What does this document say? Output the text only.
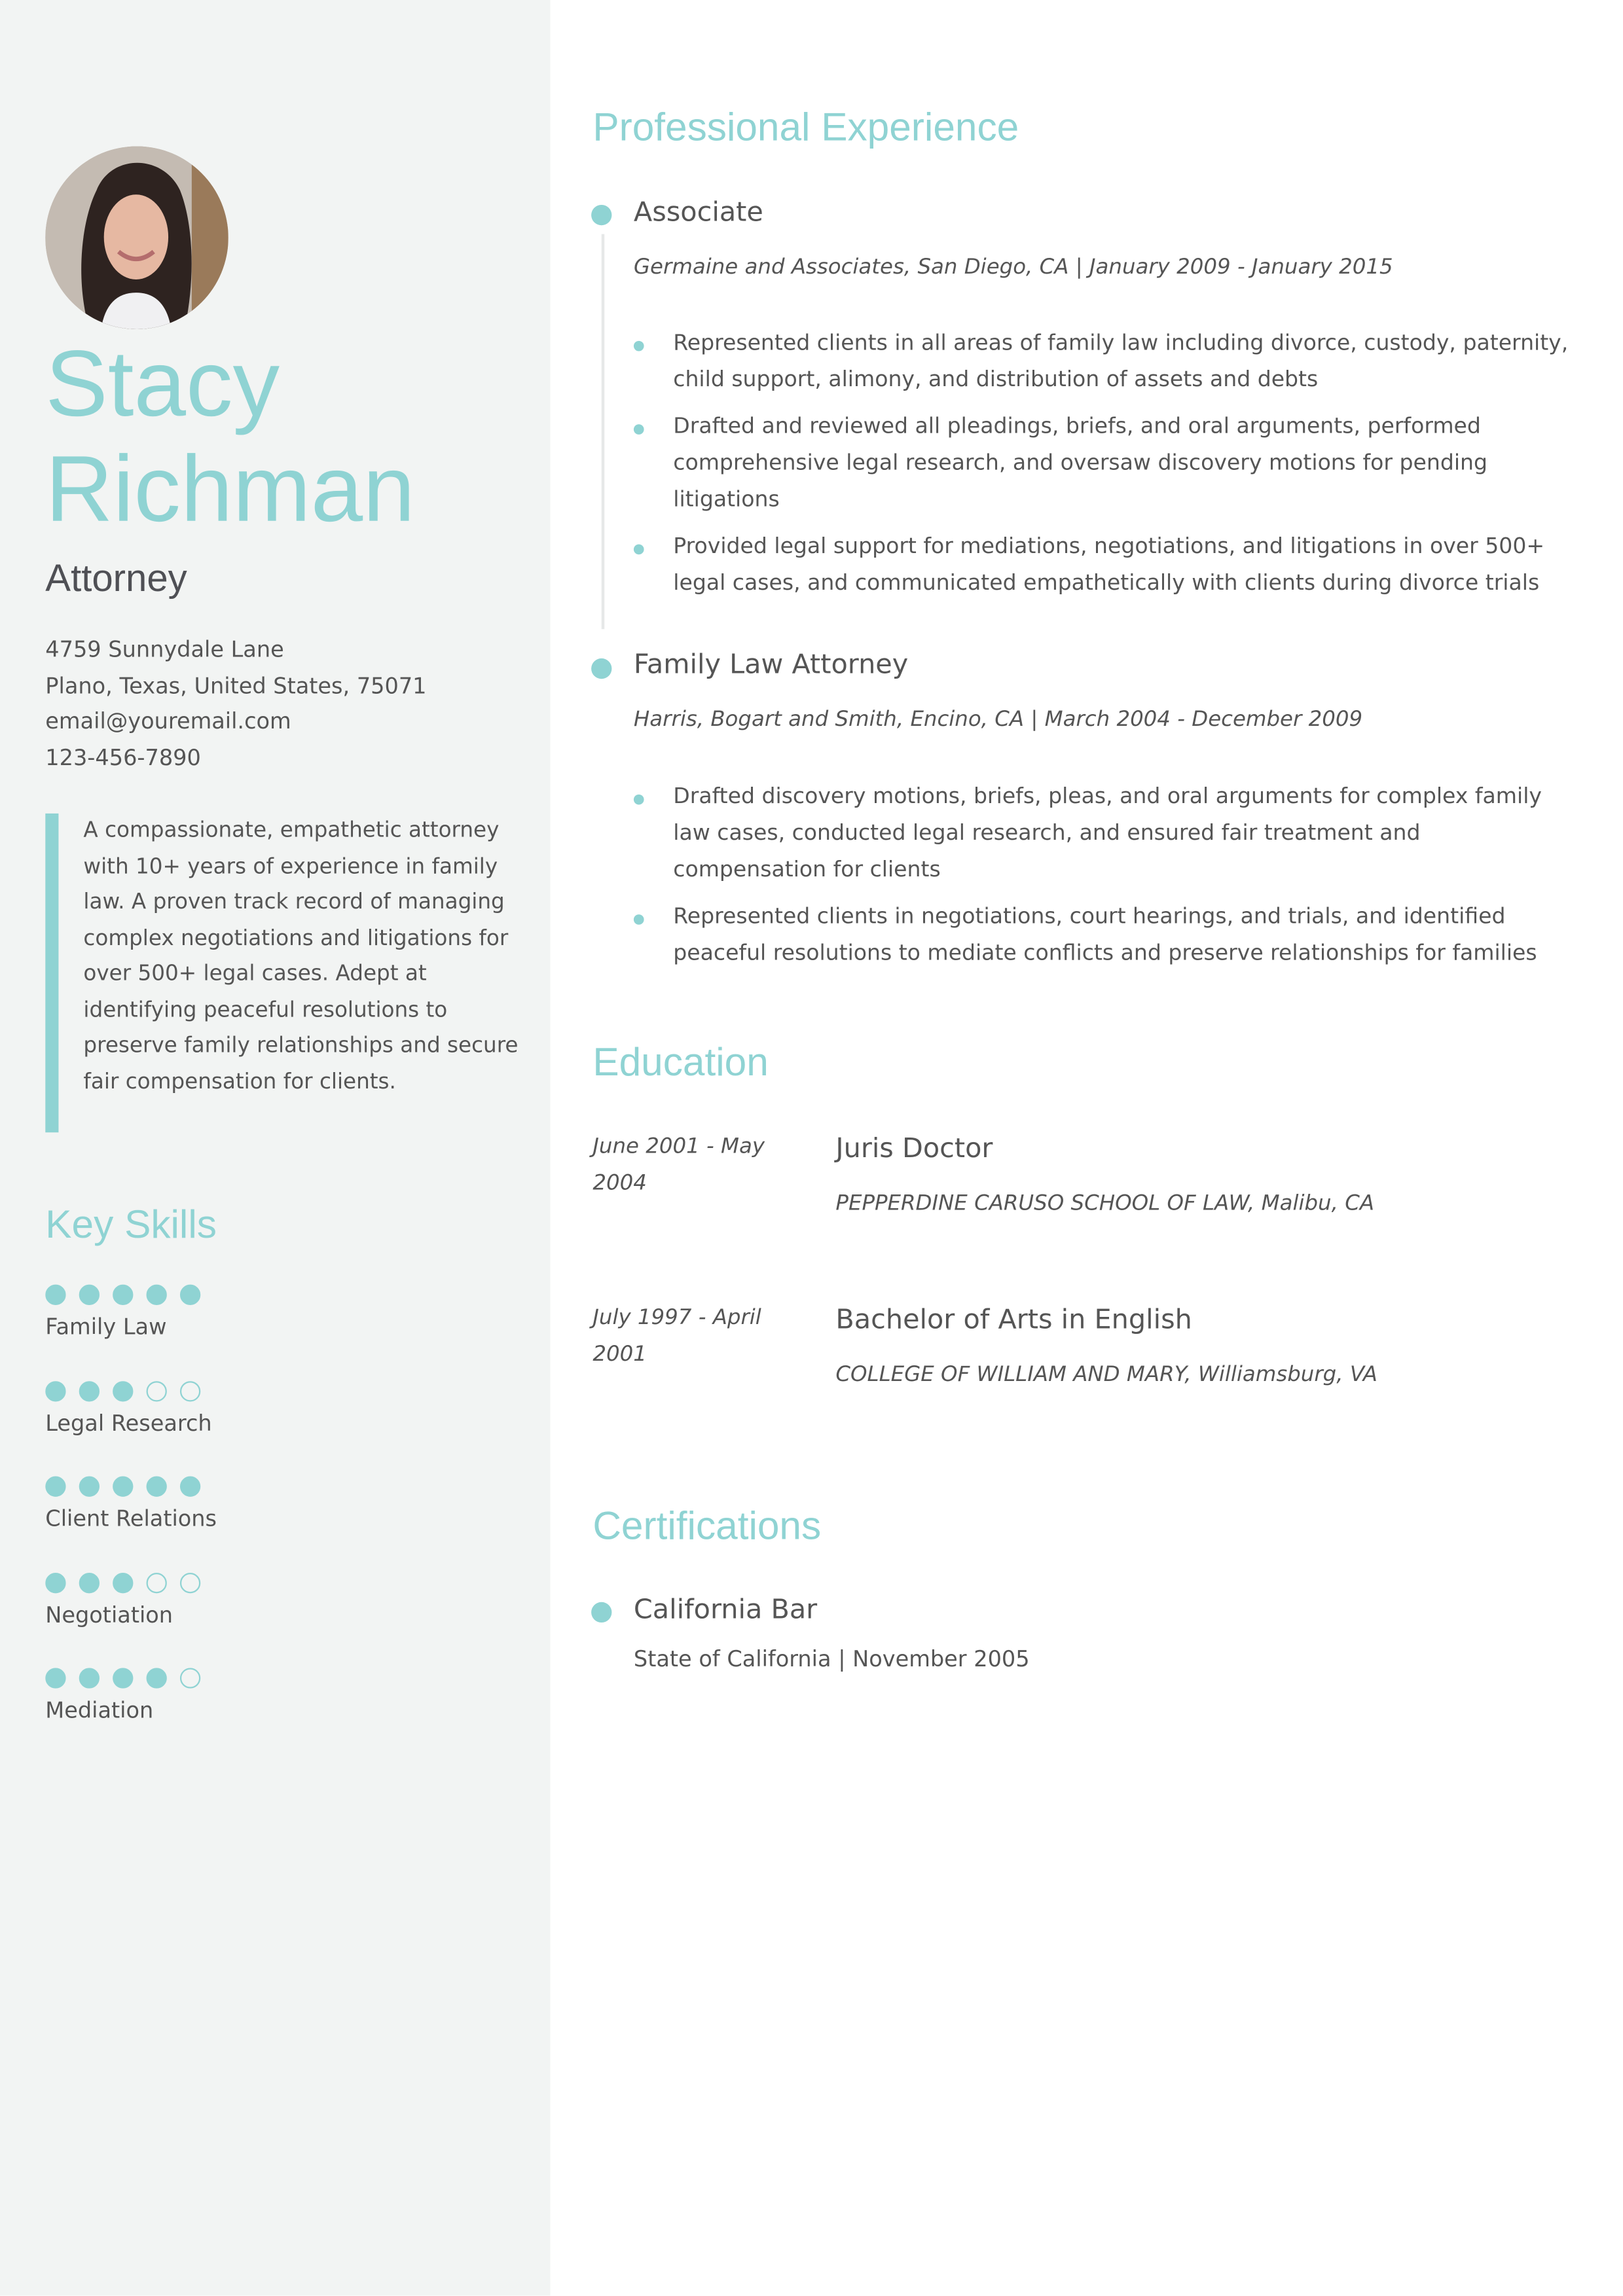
Stacy
Richman
Attorney
4759 Sunnydale Lane
Plano, Texas, United States, 75071
email@youremail.com
123-456-7890

A compassionate, empathetic attorney with 10+ years of experience in family law. A proven track record of managing complex negotiations and litigations for over 500+ legal cases. Adept at identifying peaceful resolutions to preserve family relationships and secure fair compensation for clients.

Key Skills
Family Law
Legal Research
Client Relations
Negotiation
Mediation
Professional Experience
Associate
Germaine and Associates, San Diego, CA | January 2009 - January 2015
Represented clients in all areas of family law including divorce, custody, paternity, child support, alimony, and distribution of assets and debts
Drafted and reviewed all pleadings, briefs, and oral arguments, performed comprehensive legal research, and oversaw discovery motions for pending litigations
Provided legal support for mediations, negotiations, and litigations in over 500+ legal cases, and communicated empathetically with clients during divorce trials
Family Law Attorney
Harris, Bogart and Smith, Encino, CA | March 2004 - December 2009
Drafted discovery motions, briefs, pleas, and oral arguments for complex family law cases, conducted legal research, and ensured fair treatment and compensation for clients
Represented clients in negotiations, court hearings, and trials, and identified peaceful resolutions to mediate conflicts and preserve relationships for families
Education
June 2001 - May 2004
Juris Doctor
PEPPERDINE CARUSO SCHOOL OF LAW, Malibu, CA
July 1997 - April 2001
Bachelor of Arts in English
COLLEGE OF WILLIAM AND MARY, Williamsburg, VA
Certifications
California Bar
State of California | November 2005
